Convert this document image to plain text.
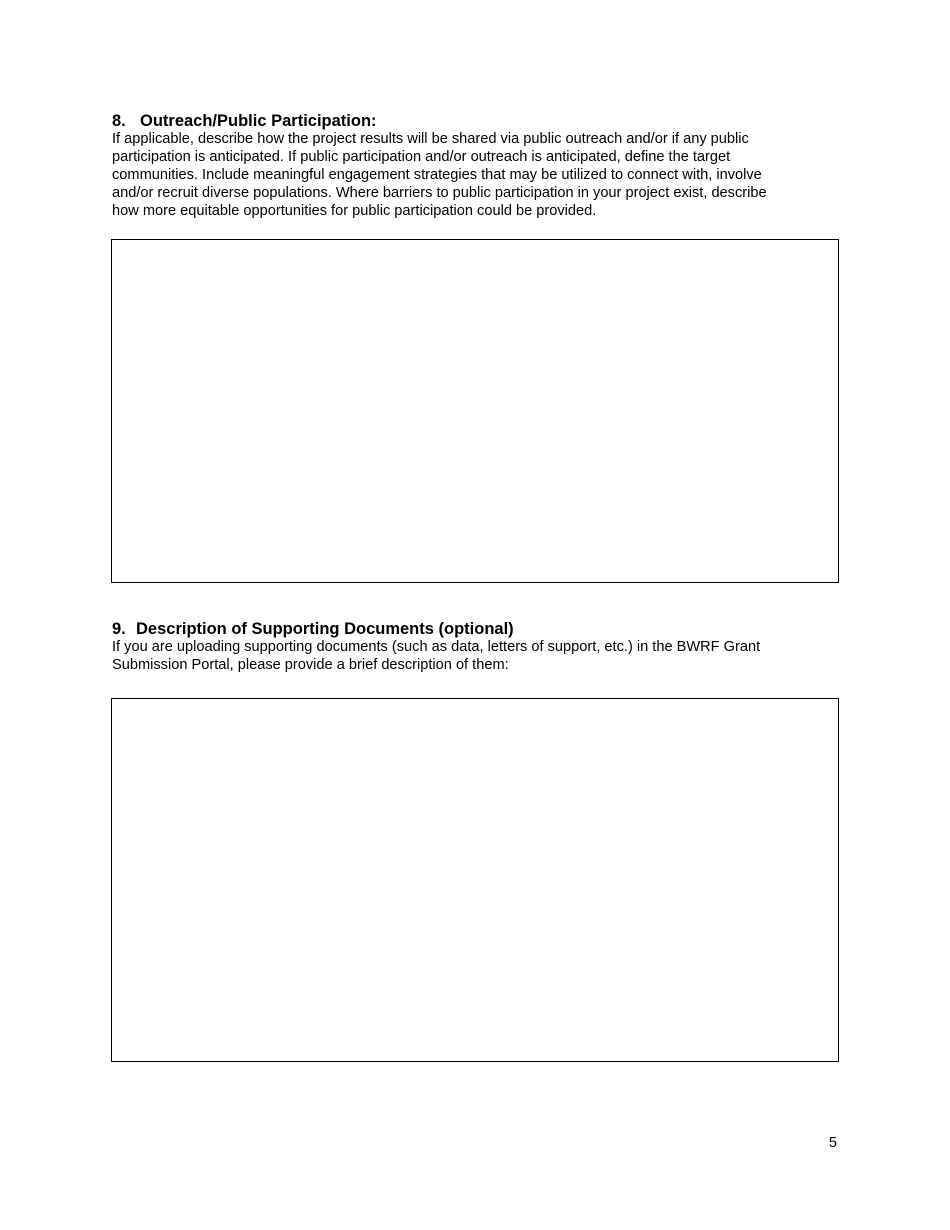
8. Outreach/Public Participation:

If applicable, describe how the project results will be shared via public outreach and/or if any public
participation is anticipated. If public participation and/or outreach is anticipated, define the target
communities. Include meaningful engagement strategies that may be utilized to connect with, involve
and/or recruit diverse populations. Where barriers to public participation in your project exist, describe
how more equitable opportunities for public participation could be provided.

9. Description of Supporting Documents (optional)

If you are uploading supporting documents (such as data, letters of support, etc.) in the BWRF Grant
Submission Portal, please provide a brief description of them:

5
